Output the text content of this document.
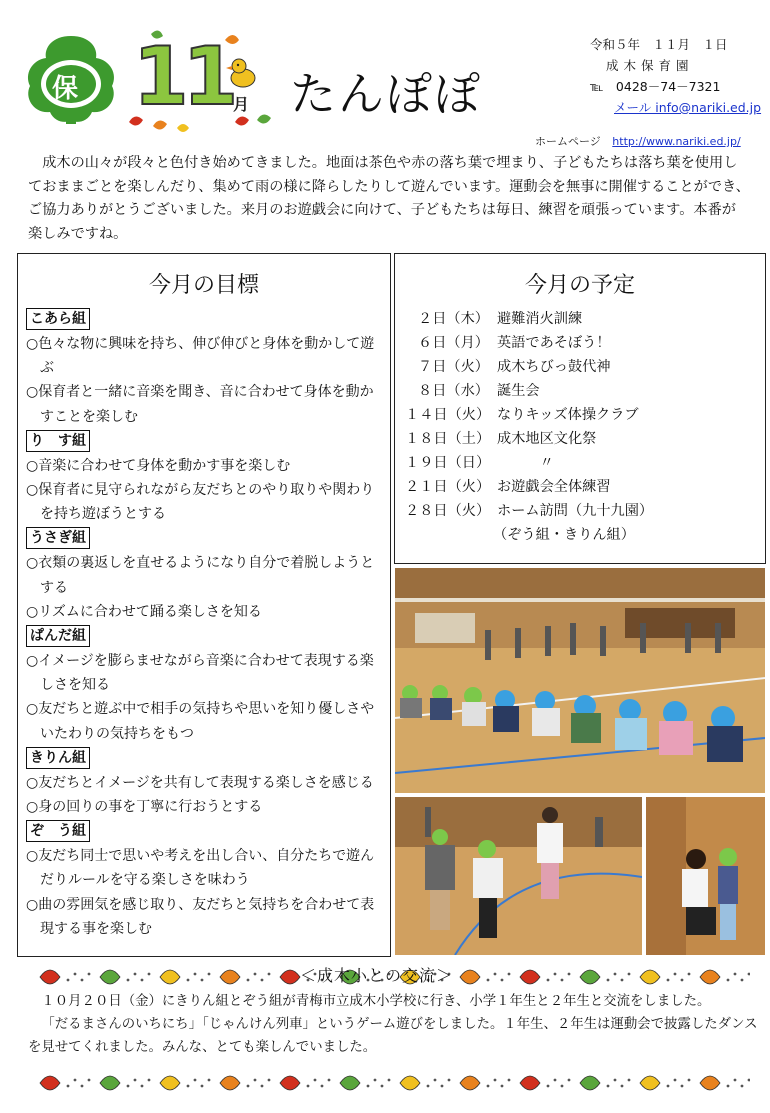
保 11 月 たんぽぽ
令和５年　１１月　１日
成木保育園
℡　0428－74－7321
メール info@nariki.ed.jp
ホームページ http://www.nariki.ed.jp/

成木の山々が段々と色付き始めてきました。地面は茶色や赤の落ち葉で埋まり、子どもたちは落ち葉を使用しておままごとを楽しんだり、集めて雨の様に降らしたりして遊んでいます。運動会を無事に開催することができ、ご協力ありがとうございました。来月のお遊戯会に向けて、子どもたちは毎日、練習を頑張っています。本番が楽しみですね。

今月の目標
こあら組
○色々な物に興味を持ち、伸び伸びと身体を動かして遊ぶ
○保育者と一緒に音楽を聞き、音に合わせて身体を動かすことを楽しむ
り　す組
○音楽に合わせて身体を動かす事を楽しむ
○保育者に見守られながら友だちとのやり取りや関わりを持ち遊ぼうとする
うさぎ組
○衣類の裏返しを直せるようになり自分で着脱しようとする
○リズムに合わせて踊る楽しさを知る
ぱんだ組
○イメージを膨らませながら音楽に合わせて表現する楽しさを知る
○友だちと遊ぶ中で相手の気持ちや思いを知り優しさやいたわりの気持ちをもつ
きりん組
○友だちとイメージを共有して表現する楽しさを感じる
○身の回りの事を丁寧に行おうとする
ぞ　う組
○友だち同士で思いや考えを出し合い、自分たちで遊んだりルールを守る楽しさを味わう
○曲の雰囲気を感じ取り、友だちと気持ちを合わせて表現する事を楽しむ
今月の予定
２日（木） 避難消火訓練
６日（月） 英語であそぼう！
７日（火） 成木ちびっ鼓代神
８日（水） 誕生会
１４日（火） なりキッズ体操クラブ
１８日（土） 成木地区文化祭
１９日（日） 　　　〃
２１日（火） お遊戯会全体練習
２８日（火） ホーム訪問（九十九園）
（ぞう組・きりん組）
＜成木小との交流＞

１０月２０日（金）にきりん組とぞう組が青梅市立成木小学校に行き、小学１年生と２年生と交流をしました。

「だるまさんのいちにち」「じゃんけん列車」というゲーム遊びをしました。１年生、２年生は運動会で披露したダンスを見せてくれました。みんな、とても楽しんでいました。
